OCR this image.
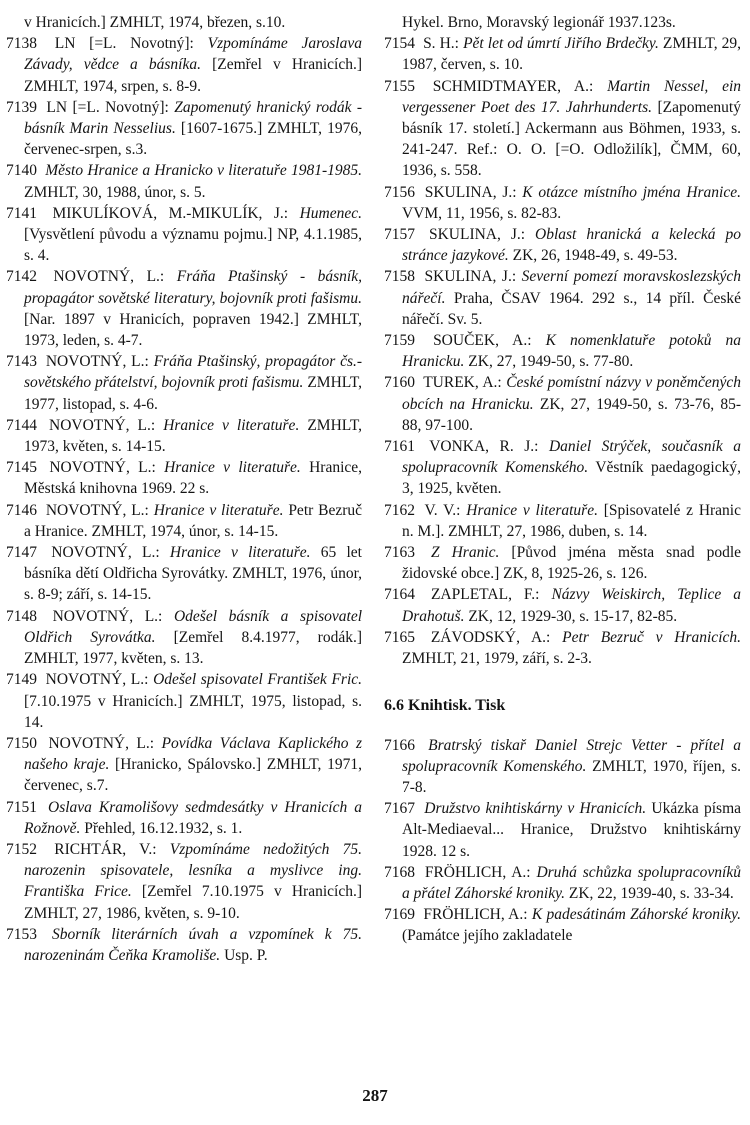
v Hranicích.] ZMHLT, 1974, březen, s.10.

7138 LN [=L. Novotný]: Vzpomínáme Jaroslava Závady, vědce a básníka. [Zemřel v Hranicích.] ZMHLT, 1974, srpen, s. 8-9.

7139 LN [=L. Novotný]: Zapomenutý hranický rodák - básník Marin Nesselius. [1607-1675.] ZMHLT, 1976, červenec-srpen, s.3.

7140 Město Hranice a Hranicko v literatuře 1981-1985. ZMHLT, 30, 1988, únor, s. 5.

7141 MIKULÍKOVÁ, M.-MIKULÍK, J.: Humenec. [Vysvětlení původu a významu pojmu.] NP, 4.1.1985, s. 4.

7142 NOVOTNÝ, L.: Fráňa Ptašinský - básník, propagátor sovětské literatury, bojovník proti fašismu. [Nar. 1897 v Hranicích, popraven 1942.] ZMHLT, 1973, leden, s. 4-7.

7143 NOVOTNÝ, L.: Fráňa Ptašinský, propagátor čs.-sovětského přátelství, bojovník proti fašismu. ZMHLT, 1977, listopad, s. 4-6.

7144 NOVOTNÝ, L.: Hranice v literatuře. ZMHLT, 1973, květen, s. 14-15.

7145 NOVOTNÝ, L.: Hranice v literatuře. Hranice, Městská knihovna 1969. 22 s.

7146 NOVOTNÝ, L.: Hranice v literatuře. Petr Bezruč a Hranice. ZMHLT, 1974, únor, s. 14-15.

7147 NOVOTNÝ, L.: Hranice v literatuře. 65 let básníka dětí Oldřicha Syrovátky. ZMHLT, 1976, únor, s. 8-9; září, s. 14-15.

7148 NOVOTNÝ, L.: Odešel básník a spisovatel Oldřich Syrovátka. [Zemřel 8.4.1977, rodák.] ZMHLT, 1977, květen, s. 13.

7149 NOVOTNÝ, L.: Odešel spisovatel František Fric. [7.10.1975 v Hranicích.] ZMHLT, 1975, listopad, s. 14.

7150 NOVOTNÝ, L.: Povídka Václava Kaplického z našeho kraje. [Hranicko, Spálovsko.] ZMHLT, 1971, červenec, s.7.

7151 Oslava Kramolišovy sedmdesátky v Hranicích a Rožnově. Přehled, 16.12.1932, s. 1.

7152 RICHTÁR, V.: Vzpomínáme nedožitých 75. narozenin spisovatele, lesníka a myslivce ing. Františka Frice. [Zemřel 7.10.1975 v Hranicích.] ZMHLT, 27, 1986, květen, s. 9-10.

7153 Sborník literárních úvah a vzpomínek k 75. narozeninám Čeňka Kramoliše. Usp. P.

Hykel. Brno, Moravský legionář 1937.123s.

7154 S. H.: Pět let od úmrtí Jiřího Brdečky. ZMHLT, 29, 1987, červen, s. 10.

7155 SCHMIDTMAYER, A.: Martin Nessel, ein vergessener Poet des 17. Jahrhunderts. [Zapomenutý básník 17. století.] Ackermann aus Böhmen, 1933, s. 241-247. Ref.: O. O. [=O. Odložilík], ČMM, 60, 1936, s. 558.

7156 SKULINA, J.: K otázce místního jména Hranice. VVM, 11, 1956, s. 82-83.

7157 SKULINA, J.: Oblast hranická a kelecká po stránce jazykové. ZK, 26, 1948-49, s. 49-53.

7158 SKULINA, J.: Severní pomezí moravskoslezských nářečí. Praha, ČSAV 1964. 292 s., 14 příl. České nářečí. Sv. 5.

7159 SOUČEK, A.: K nomenklatuře potoků na Hranicku. ZK, 27, 1949-50, s. 77-80.

7160 TUREK, A.: České pomístní názvy v poněmčených obcích na Hranicku. ZK, 27, 1949-50, s. 73-76, 85-88, 97-100.

7161 VONKA, R. J.: Daniel Strýček, současník a spolupracovník Komenského. Věstník paedagogický, 3, 1925, květen.

7162 V. V.: Hranice v literatuře. [Spisovatelé z Hranic n. M.]. ZMHLT, 27, 1986, duben, s. 14.

7163 Z Hranic. [Původ jména města snad podle židovské obce.] ZK, 8, 1925-26, s. 126.

7164 ZAPLETAL, F.: Názvy Weiskirch, Teplice a Drahotuš. ZK, 12, 1929-30, s. 15-17, 82-85.

7165 ZÁVODSKÝ, A.: Petr Bezruč v Hranicích. ZMHLT, 21, 1979, září, s. 2-3.

6.6 Knihtisk. Tisk

7166 Bratrský tiskař Daniel Strejc Vetter - přítel a spolupracovník Komenského. ZMHLT, 1970, říjen, s. 7-8.

7167 Družstvo knihtiskárny v Hranicích. Ukázka písma Alt-Mediaeval... Hranice, Družstvo knihtiskárny 1928. 12 s.

7168 FRÖHLICH, A.: Druhá schůzka spolupracovníků a přátel Záhorské kroniky. ZK, 22, 1939-40, s. 33-34.

7169 FRÖHLICH, A.: K padesátinám Záhorské kroniky. (Památce jejího zakladatele

287
